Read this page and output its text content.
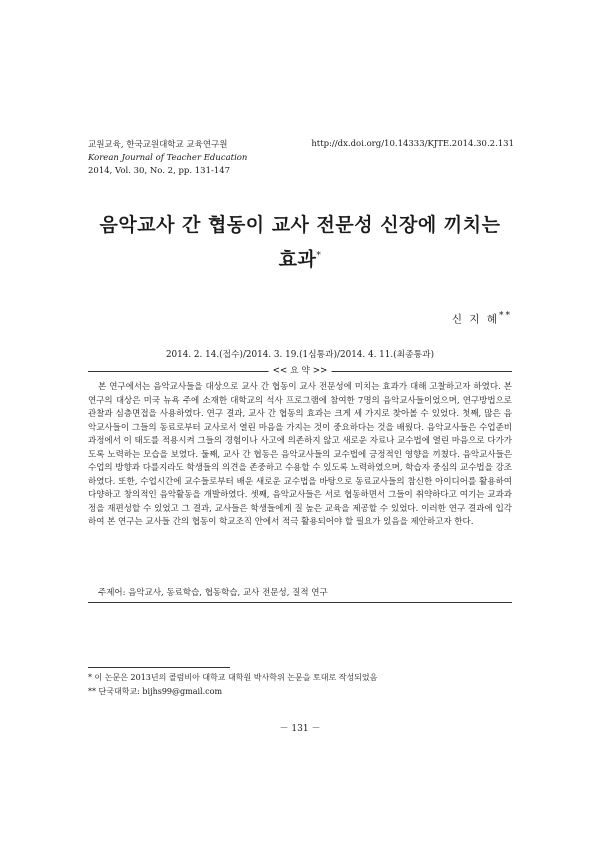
교원교육, 한국교원대학교 교육연구원
Korean Journal of Teacher Education
2014, Vol. 30, No. 2, pp. 131-147
http://dx.doi.org/10.14333/KJTE.2014.30.2.131
음악교사 간 협동이 교사 전문성 신장에 끼치는
효과*
신 지 혜**
2014. 2. 14.(접수)/2014. 3. 19.(1심통과)/2014. 4. 11.(최종통과)
<< 요 약 >>

본 연구에서는 음악교사들을 대상으로 교사 간 협동이 교사 전문성에 미치는 효과가 대해 고찰하고자 하였다. 본 연구의 대상은 미국 뉴욕 주에 소재한 대학교의 석사 프로그램에 참여한 7명의 음악교사들이었으며, 연구방법으로 관찰과 심층면접을 사용하였다. 연구 결과, 교사 간 협동의 효과는 크게 세 가지로 찾아볼 수 있었다. 첫째, 많은 음악교사들이 그들의 동료로부터 교사로서 열린 마음을 가지는 것이 중요하다는 것을 배웠다. 음악교사들은 수업준비 과정에서 이 태도를 적용시켜 그들의 경험이나 사고에 의존하지 않고 새로운 자료나 교수법에 열린 마음으로 다가가도록 노력하는 모습을 보였다. 둘째, 교사 간 협동은 음악교사들의 교수법에 긍정적인 영향을 끼쳤다. 음악교사들은 수업의 방향과 다를지라도 학생들의 의견을 존중하고 수용할 수 있도록 노력하였으며, 학습자 중심의 교수법을 강조하였다. 또한, 수업시간에 교수들로부터 배운 새로운 교수법을 바탕으로 동료교사들의 참신한 아이디어를 활용하여 다양하고 창의적인 음악활동을 개발하였다. 셋째, 음악교사들은 서로 협동하면서 그들이 취약하다고 여기는 교과과정을 재편성할 수 있었고 그 결과, 교사들은 학생들에게 질 높은 교육을 제공할 수 있었다. 이러한 연구 결과에 입각하여 본 연구는 교사들 간의 협동이 학교조직 안에서 적극 활용되어야 할 필요가 있음을 제안하고자 한다.

주제어: 음악교사, 동료학습, 협동학습, 교사 전문성, 질적 연구
* 이 논문은 2013년의 콜럼비아 대학교 대학원 박사학위 논문을 토대로 작성되었음
** 단국대학교: bijhs99@gmail.com
－ 131 －
